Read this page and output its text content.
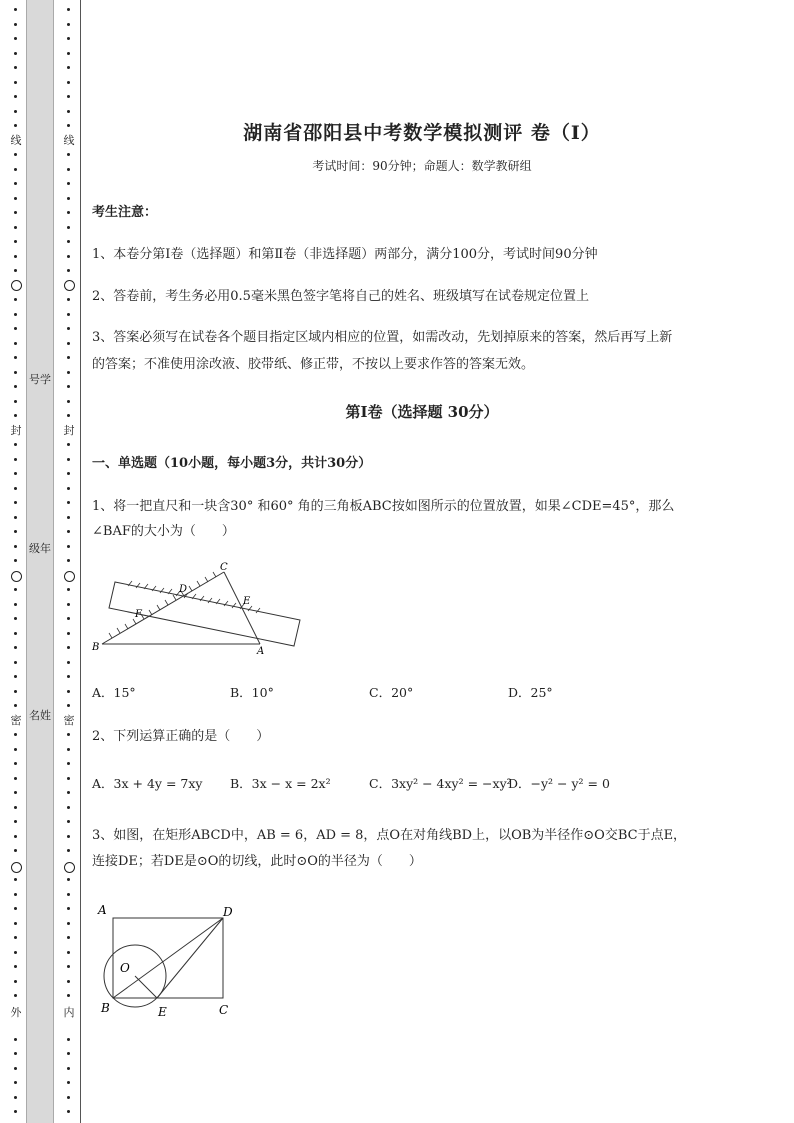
线
封
密
外
号学
级年
名姓
线
封
密
内
湖南省邵阳县中考数学模拟测评 卷（Ⅰ）
考试时间：90分钟；命题人：数学教研组
考生注意：
1、本卷分第Ⅰ卷（选择题）和第Ⅱ卷（非选择题）两部分，满分100分，考试时间90分钟
2、答卷前，考生务必用0.5毫米黑色签字笔将自己的姓名、班级填写在试卷规定位置上
3、答案必须写在试卷各个题目指定区域内相应的位置，如需改动，先划掉原来的答案，然后再写上新
的答案；不准使用涂改液、胶带纸、修正带，不按以上要求作答的答案无效。
第Ⅰ卷（选择题 30分）
一、单选题（10小题，每小题3分，共计30分）
1、将一把直尺和一块含30° 和60° 角的三角板ABC按如图所示的位置放置，如果∠CDE=45°，那么
∠BAF的大小为（　　）
C
D
E
F
B	A
A．15°	B．10°	C．20°	D．25°
2、下列运算正确的是（　　）
A．3x + 4y = 7xy B．3x − x = 2x²	C．3xy² − 4xy² = −xy²
D．−y² − y² = 0
3、如图，在矩形ABCD中，AB = 6，AD = 8，点O在对角线BD上，以OB为半径作⊙O交BC于点E，
连接DE；若DE是⊙O的切线，此时⊙O的半径为（　　）
A	D
O
B	E	C
